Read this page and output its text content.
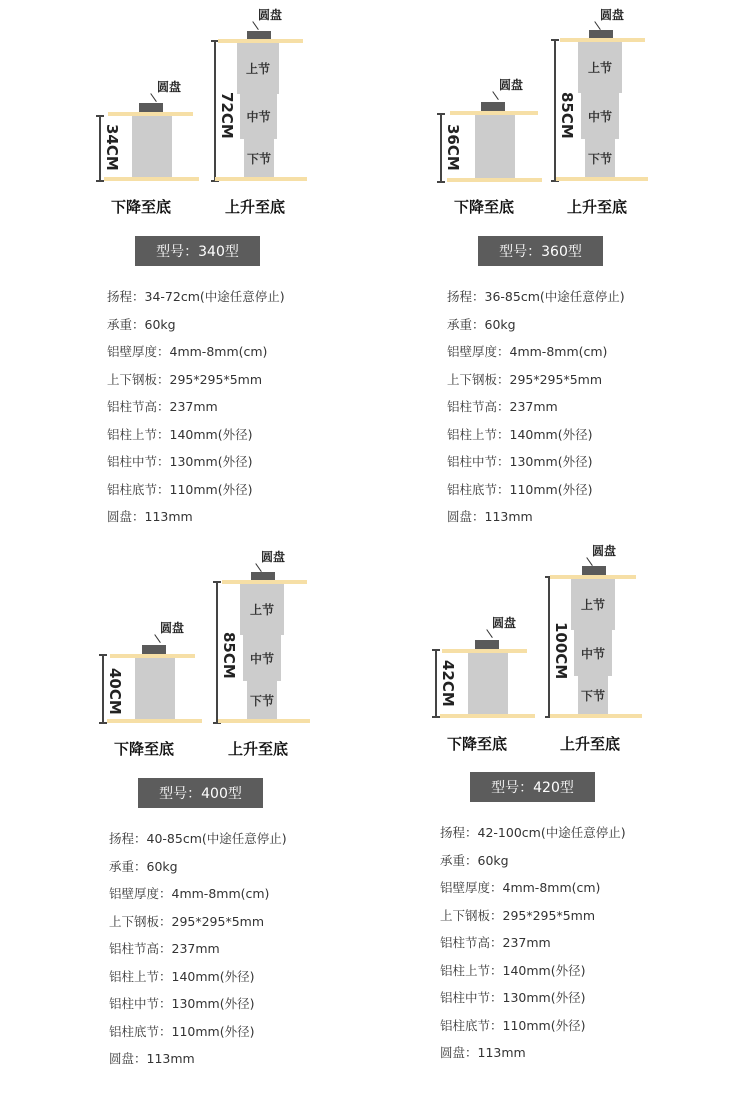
34CM
圆盘
下降至底
72CM
圆盘
上节
中节
下节
上升至底
型号：340型
扬程：34-72cm(中途任意停止)
承重：60kg
铝壁厚度：4mm-8mm(cm)
上下钢板：295*295*5mm
铝柱节高：237mm
铝柱上节：140mm(外径)
铝柱中节：130mm(外径)
铝柱底节：110mm(外径)
圆盘：113mm
36CM
圆盘
下降至底
85CM
圆盘
上节
中节
下节
上升至底
型号：360型
扬程：36-85cm(中途任意停止)
承重：60kg
铝壁厚度：4mm-8mm(cm)
上下钢板：295*295*5mm
铝柱节高：237mm
铝柱上节：140mm(外径)
铝柱中节：130mm(外径)
铝柱底节：110mm(外径)
圆盘：113mm
40CM
圆盘
下降至底
85CM
圆盘
上节
中节
下节
上升至底
型号：400型
扬程：40-85cm(中途任意停止)
承重：60kg
铝壁厚度：4mm-8mm(cm)
上下钢板：295*295*5mm
铝柱节高：237mm
铝柱上节：140mm(外径)
铝柱中节：130mm(外径)
铝柱底节：110mm(外径)
圆盘：113mm
42CM
圆盘
下降至底
100CM
圆盘
上节
中节
下节
上升至底
型号：420型
扬程：42-100cm(中途任意停止)
承重：60kg
铝壁厚度：4mm-8mm(cm)
上下钢板：295*295*5mm
铝柱节高：237mm
铝柱上节：140mm(外径)
铝柱中节：130mm(外径)
铝柱底节：110mm(外径)
圆盘：113mm
